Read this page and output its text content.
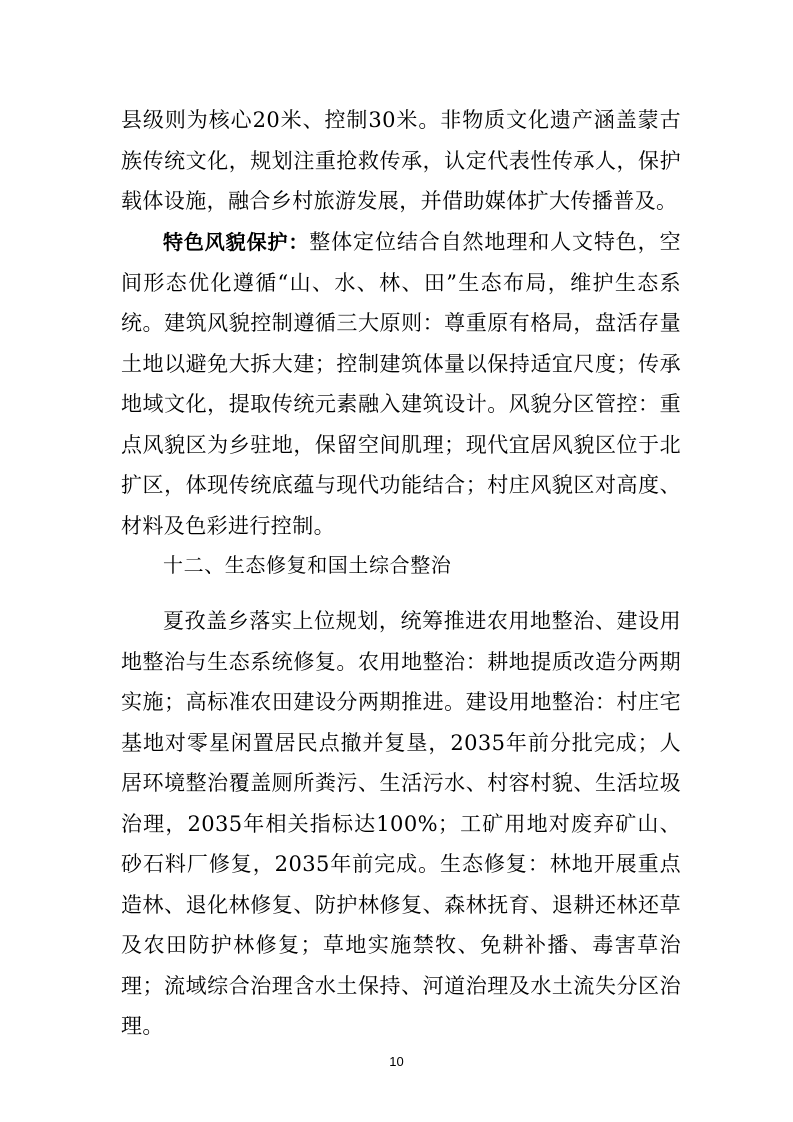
县级则为核心20米、控制30米。非物质文化遗产涵盖蒙古族传统文化，规划注重抢救传承，认定代表性传承人，保护载体设施，融合乡村旅游发展，并借助媒体扩大传播普及。

特色风貌保护：整体定位结合自然地理和人文特色，空间形态优化遵循“山、水、林、田”生态布局，维护生态系统。建筑风貌控制遵循三大原则：尊重原有格局，盘活存量土地以避免大拆大建；控制建筑体量以保持适宜尺度；传承地域文化，提取传统元素融入建筑设计。风貌分区管控：重点风貌区为乡驻地，保留空间肌理；现代宜居风貌区位于北扩区，体现传统底蕴与现代功能结合；村庄风貌区对高度、材料及色彩进行控制。

十二、生态修复和国土综合整治

夏孜盖乡落实上位规划，统筹推进农用地整治、建设用地整治与生态系统修复。农用地整治：耕地提质改造分两期实施；高标准农田建设分两期推进。建设用地整治：村庄宅基地对零星闲置居民点撤并复垦，2035年前分批完成；人居环境整治覆盖厕所粪污、生活污水、村容村貌、生活垃圾治理，2035年相关指标达100%；工矿用地对废弃矿山、砂石料厂修复，2035年前完成。生态修复：林地开展重点造林、退化林修复、防护林修复、森林抚育、退耕还林还草及农田防护林修复；草地实施禁牧、免耕补播、毒害草治理；流域综合治理含水土保持、河道治理及水土流失分区治理。

10
